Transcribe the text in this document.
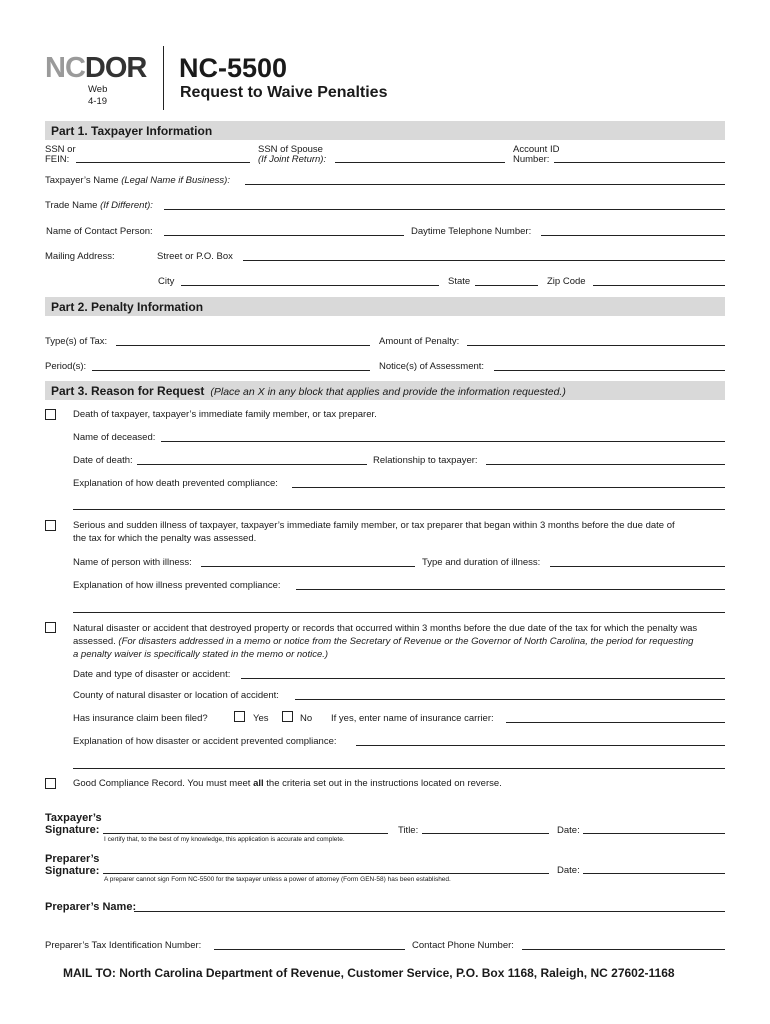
NCDOR
Web
4-19
NC-5500
Request to Waive Penalties
Part 1. Taxpayer Information
SSN or
FEIN:
SSN of Spouse
(If Joint Return):
Account ID
Number:
Taxpayer’s Name (Legal Name if Business):
Trade Name (If Different):
Name of Contact Person:	Daytime Telephone Number:
Mailing Address:	Street or P.O. Box
City	State	Zip Code
Part 2. Penalty Information
Type(s) of Tax:	Amount of Penalty:
Period(s):	Notice(s) of Assessment:
Part 3. Reason for Request (Place an X in any block that applies and provide the information requested.)
Death of taxpayer, taxpayer’s immediate family member, or tax preparer.
Name of deceased:
Date of death:	Relationship to taxpayer:
Explanation of how death prevented compliance:
Serious and sudden illness of taxpayer, taxpayer’s immediate family member, or tax preparer that began within 3 months before the due date of
the tax for which the penalty was assessed.
Name of person with illness:	Type and duration of illness:
Explanation of how illness prevented compliance:
Natural disaster or accident that destroyed property or records that occurred within 3 months before the due date of the tax for which the penalty was
assessed. (For disasters addressed in a memo or notice from the Secretary of Revenue or the Governor of North Carolina, the period for requesting
a penalty waiver is specifically stated in the memo or notice.)
Date and type of disaster or accident:
County of natural disaster or location of accident:
Has insurance claim been filed?	Yes	No If yes, enter name of insurance carrier:
Explanation of how disaster or accident prevented compliance:
Good Compliance Record. You must meet all the criteria set out in the instructions located on reverse.
Taxpayer’s
Signature:
I certify that, to the best of my knowledge, this application is accurate and complete.
Title:	Date:
Preparer’s
Signature:
A preparer cannot sign Form NC-5500 for the taxpayer unless a power of attorney (Form GEN-58) has been established.
Date:
Preparer’s Name:
Preparer’s Tax Identification Number:	Contact Phone Number:
MAIL TO: North Carolina Department of Revenue, Customer Service, P.O. Box 1168, Raleigh, NC 27602-1168
